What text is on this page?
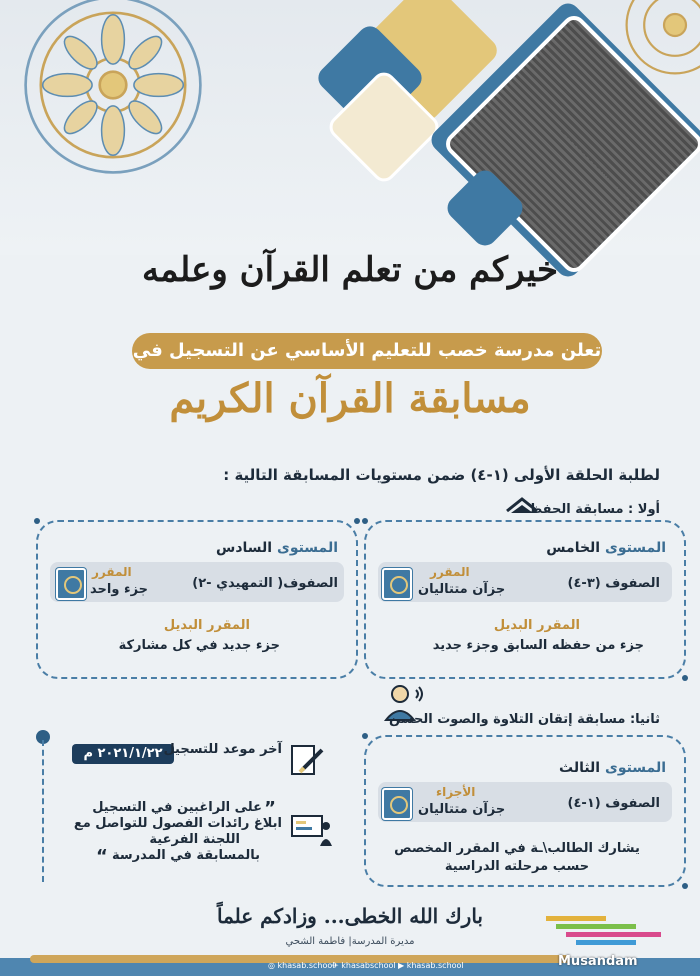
خيركم من تعلم القرآن وعلمه
تعلن مدرسة خصب للتعليم الأساسي عن التسجيل في
مسابقة القرآن الكريم
لطلبة الحلقة الأولى (١-٤) ضمن مستويات المسابقة التالية :
أولا : مسابقة الحفظ
المستوى الخامس
الصفوف (٣-٤)
المقرر
جزآن متتاليان
المقرر البديل
جزء من حفظه السابق وجزء جديد
المستوى السادس
الصفوف( التمهيدي -٢)
المقرر
جزء واحد
المقرر البديل
جزء جديد في كل مشاركة
ثانيا: مسابقة إتقان التلاوة والصوت الحسن
المستوى الثالث
الصفوف (١-٤)
الأجزاء
جزآن متتاليان
يشارك الطالب\ـة في المقرر المخصص حسب مرحلته الدراسية
٢٠٢١/١/٢٢ م آخر موعد للتسجيل
”
على الراغبين في التسجيل
ابلاغ رائدات الفصول للتواصل مع
اللجنة الفرعية
بالمسابقة في المدرسة
“
بارك الله الخطى... وزادكم علماً
مديرة المدرسة| فاطمة الشحي
◎ khasab.school
✈ khasabschool ▶ khasab.school	Musandam
